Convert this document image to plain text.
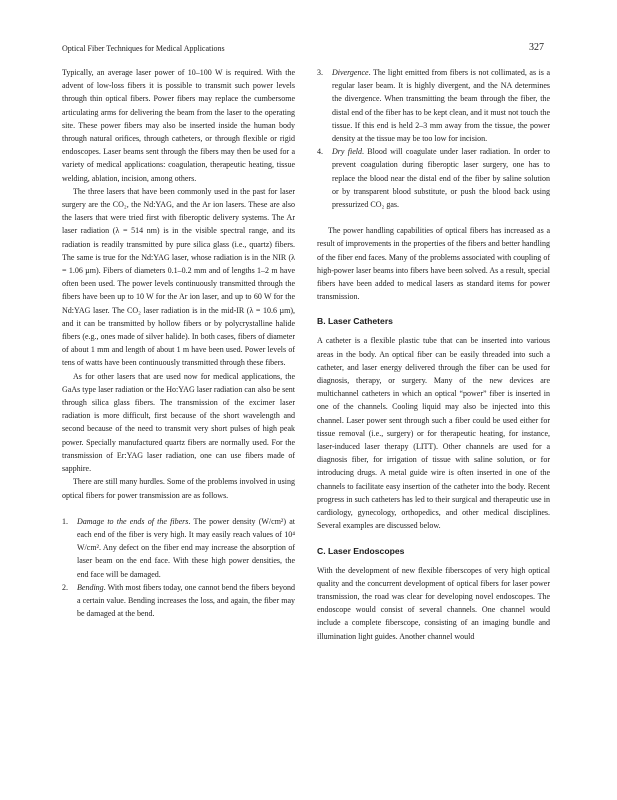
Optical Fiber Techniques for Medical Applications	327

Typically, an average laser power of 10–100 W is required. With the advent of low-loss fibers it is possible to transmit such power levels through thin optical fibers. Power fibers may replace the cumbersome articulating arms for delivering the beam from the laser to the operating site. These power fibers may also be inserted inside the human body through natural orifices, through catheters, or through flexible or rigid endoscopes. Laser beams sent through the fibers may then be used for a variety of medical applications: coagulation, therapeutic heating, tissue welding, ablation, incision, among others.

The three lasers that have been commonly used in the past for laser surgery are the CO₂, the Nd:YAG, and the Ar ion lasers. These are also the lasers that were tried first with fiberoptic delivery systems. The Ar laser radiation (λ = 514 nm) is in the visible spectral range, and its radiation is readily transmitted by pure silica glass (i.e., quartz) fibers. The same is true for the Nd:YAG laser, whose radiation is in the NIR (λ = 1.06 µm). Fibers of diameters 0.1–0.2 mm and of lengths 1–2 m have often been used. The power levels continuously transmitted through the fibers have been up to 10 W for the Ar ion laser, and up to 60 W for the Nd:YAG laser. The CO₂ laser radiation is in the mid-IR (λ = 10.6 µm), and it can be transmitted by hollow fibers or by polycrystalline halide fibers (e.g., ones made of silver halide). In both cases, fibers of diameter of about 1 mm and length of about 1 m have been used. Power levels of tens of watts have been continuously transmitted through these fibers.

As for other lasers that are used now for medical applications, the GaAs type laser radiation or the Ho:YAG laser radiation can also be sent through silica glass fibers. The transmission of the excimer laser radiation is more difficult, first because of the short wavelength and second because of the need to transmit very short pulses of high peak power. Specially manufactured quartz fibers are normally used. For the transmission of Er:YAG laser radiation, one can use fibers made of sapphire.

There are still many hurdles. Some of the problems involved in using optical fibers for power transmission are as follows.

1. Damage to the ends of the fibers. The power density (W/cm²) at each end of the fiber is very high. It may easily reach values of 10⁴ W/cm². Any defect on the fiber end may increase the absorption of laser beam on the end face. With these high power densities, the end face will be damaged.

2. Bending. With most fibers today, one cannot bend the fibers beyond a certain value. Bending increases the loss, and again, the fiber may be damaged at the bend.

3. Divergence. The light emitted from fibers is not collimated, as is a regular laser beam. It is highly divergent, and the NA determines the divergence. When transmitting the beam through the fiber, the distal end of the fiber has to be kept clean, and it must not touch the tissue. If this end is held 2–3 mm away from the tissue, the power density at the tissue may be too low for incision.

4. Dry field. Blood will coagulate under laser radiation. In order to prevent coagulation during fiberoptic laser surgery, one has to replace the blood near the distal end of the fiber by saline solution or by transparent blood substitute, or push the blood back using pressurized CO₂ gas.

The power handling capabilities of optical fibers has increased as a result of improvements in the properties of the fibers and better handling of the fiber end faces. Many of the problems associated with coupling of high-power laser beams into fibers have been solved. As a result, special fibers have been added to medical lasers as standard items for power transmission.

B. Laser Catheters

A catheter is a flexible plastic tube that can be inserted into various areas in the body. An optical fiber can be easily threaded into such a catheter, and laser energy delivered through the fiber can be used for diagnosis, therapy, or surgery. Many of the new devices are multichannel catheters in which an optical “power” fiber is inserted in one of the channels. Cooling liquid may also be injected into this channel. Laser power sent through such a fiber could be used either for tissue removal (i.e., surgery) or for therapeutic heating, for instance, laser-induced laser therapy (LITT). Other channels are used for a diagnosis fiber, for irrigation of tissue with saline solution, or for introducing drugs. A metal guide wire is often inserted in one of the channels to facilitate easy insertion of the catheter into the body. Recent progress in such catheters has led to their surgical and therapeutic use in cardiology, gynecology, orthopedics, and other medical disciplines. Several examples are discussed below.

C. Laser Endoscopes

With the development of new flexible fiberscopes of very high optical quality and the concurrent development of optical fibers for laser power transmission, the road was clear for developing novel endoscopes. The endoscope would consist of several channels. One channel would include a complete fiberscope, consisting of an imaging bundle and illumination light guides. Another channel would
